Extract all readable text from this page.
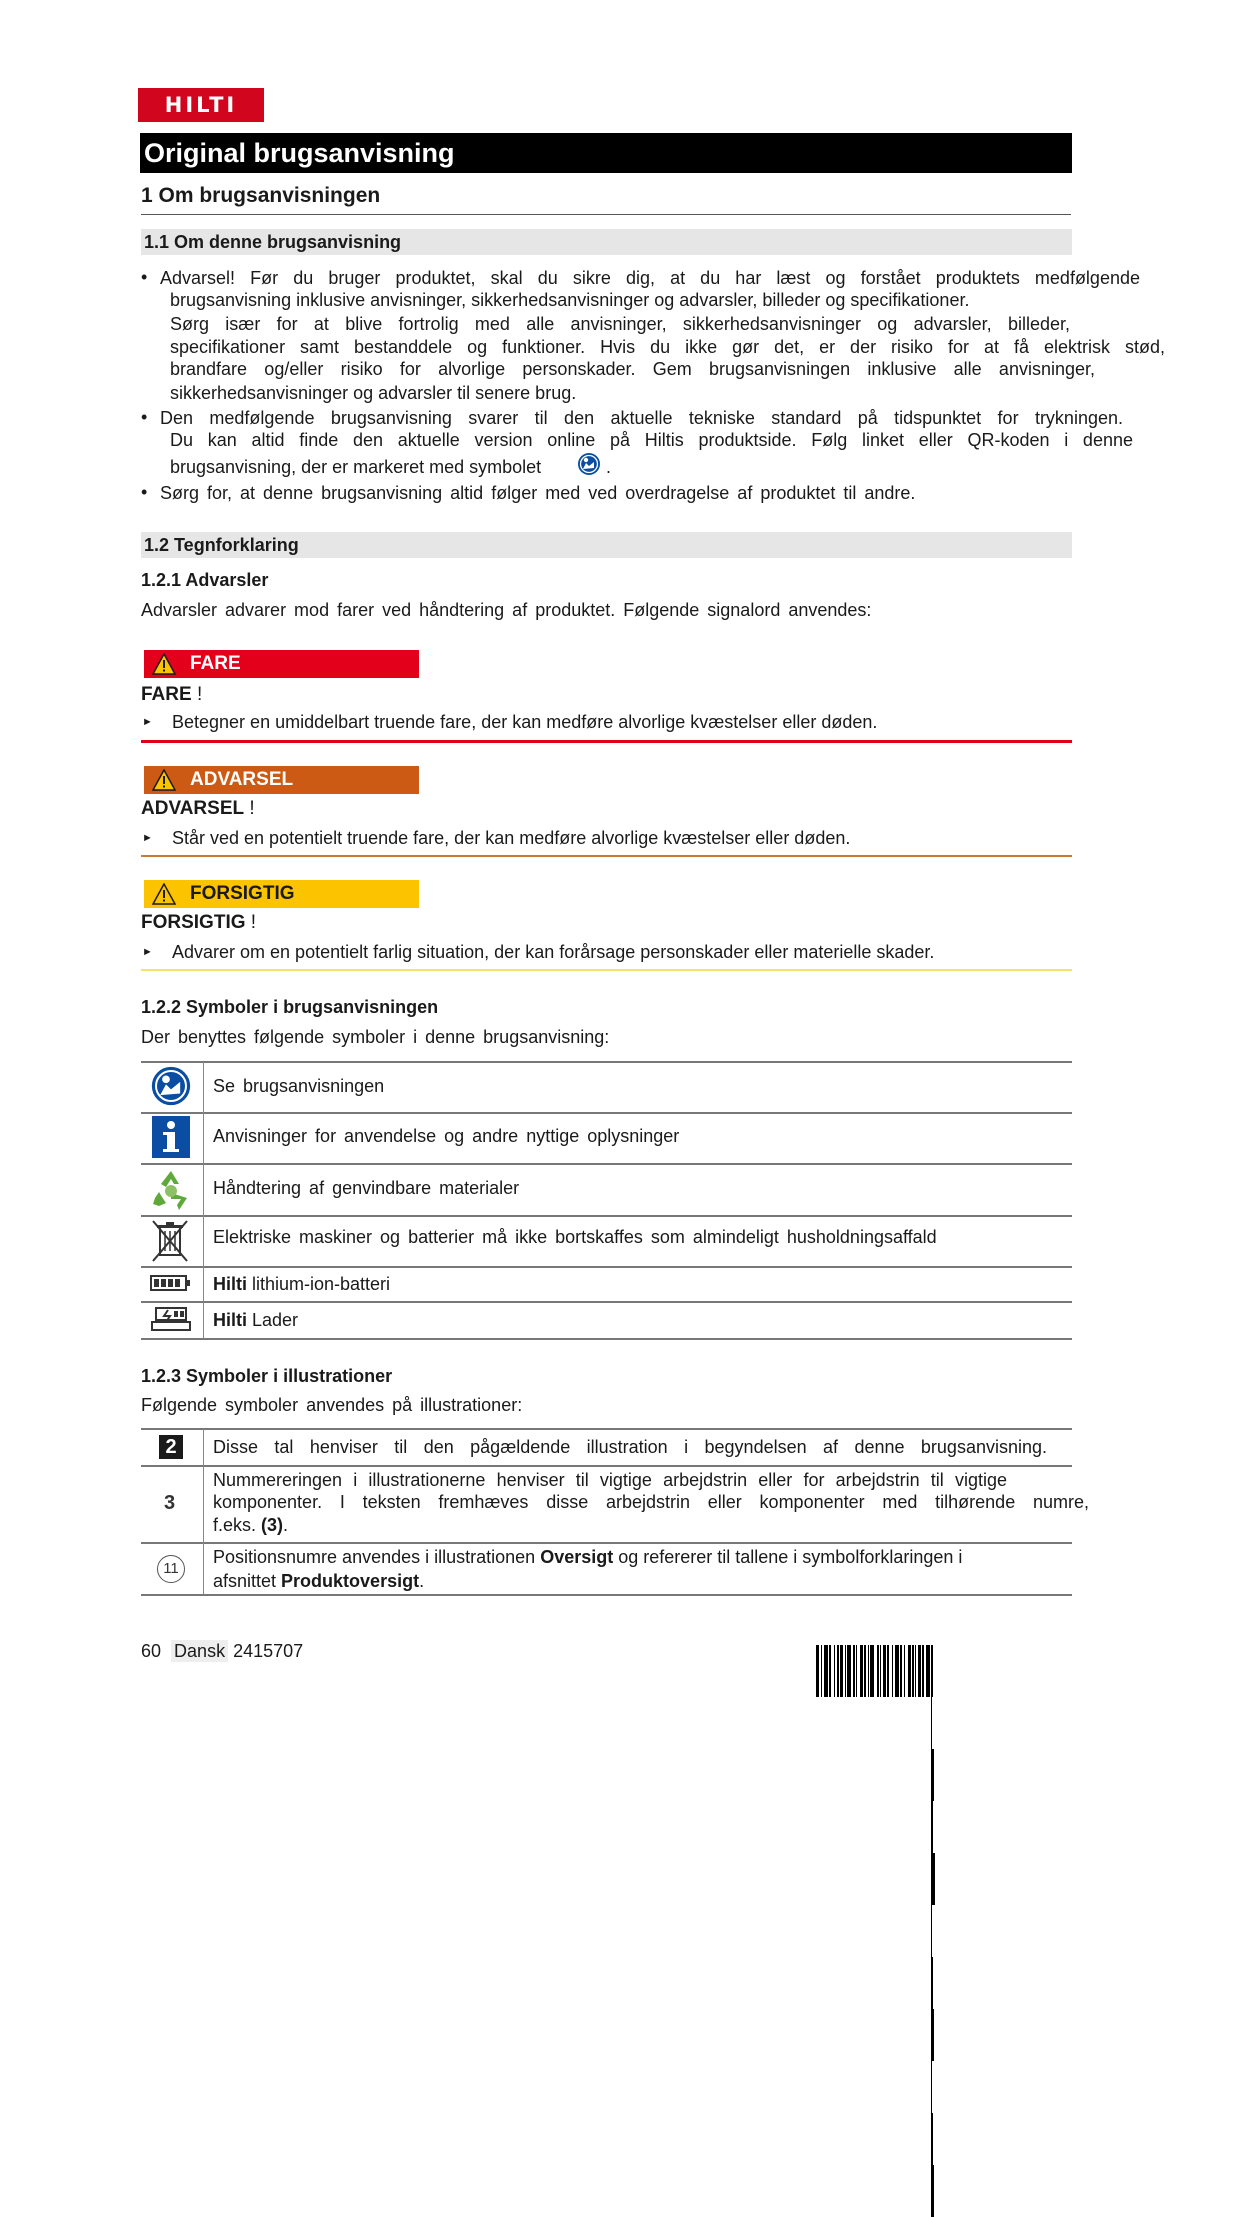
HILTI
Original brugsanvisning
1 Om brugsanvisningen
1.1 Om denne brugsanvisning
• Advarsel! Før du bruger produktet, skal du sikre dig, at du har læst og forstået produktets medfølgende
brugsanvisning inklusive anvisninger, sikkerhedsanvisninger og advarsler, billeder og specifikationer.
Sørg især for at blive fortrolig med alle anvisninger, sikkerhedsanvisninger og advarsler, billeder,
specifikationer samt bestanddele og funktioner. Hvis du ikke gør det, er der risiko for at få elektrisk stød,
brandfare og/eller risiko for alvorlige personskader. Gem brugsanvisningen inklusive alle anvisninger,
sikkerhedsanvisninger og advarsler til senere brug.
• Den medfølgende brugsanvisning svarer til den aktuelle tekniske standard på tidspunktet for trykningen.
Du kan altid finde den aktuelle version online på Hiltis produktside. Følg linket eller QR-koden i denne
brugsanvisning, der er markeret med symbolet	.
• Sørg for, at denne brugsanvisning altid følger med ved overdragelse af produktet til andre.
1.2 Tegnforklaring
1.2.1 Advarsler
Advarsler advarer mod farer ved håndtering af produktet. Følgende signalord anvendes:
FARE
FARE !
► Betegner en umiddelbart truende fare, der kan medføre alvorlige kvæstelser eller døden.
ADVARSEL
ADVARSEL !
► Står ved en potentielt truende fare, der kan medføre alvorlige kvæstelser eller døden.
FORSIGTIG
FORSIGTIG !
► Advarer om en potentielt farlig situation, der kan forårsage personskader eller materielle skader.
1.2.2 Symboler i brugsanvisningen
Der benyttes følgende symboler i denne brugsanvisning:
Se brugsanvisningen
Anvisninger for anvendelse og andre nyttige oplysninger
Håndtering af genvindbare materialer
Elektriske maskiner og batterier må ikke bortskaffes som almindeligt husholdningsaffald
Hilti lithium-ion-batteri
Hilti Lader
1.2.3 Symboler i illustrationer
Følgende symboler anvendes på illustrationer:
2	Disse tal henviser til den pågældende illustration i begyndelsen af denne brugsanvisning.
3
Nummereringen i illustrationerne henviser til vigtige arbejdstrin eller for arbejdstrin til vigtige
komponenter. I teksten fremhæves disse arbejdstrin eller komponenter med tilhørende numre,
f.eks. (3).
11
Positionsnumre anvendes i illustrationen Oversigt og refererer til tallene i symbolforklaringen i
afsnittet Produktoversigt.
60 Dansk 2415707
